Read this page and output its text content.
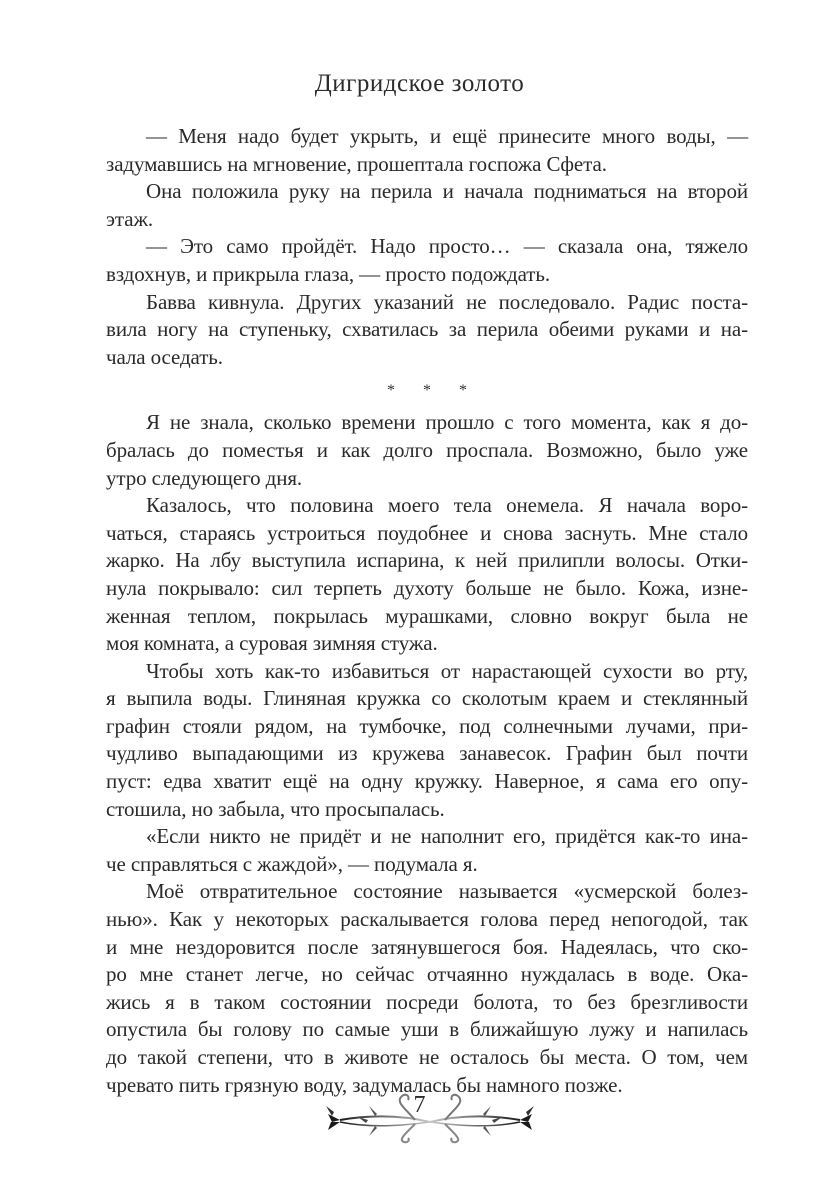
Дигридское золото

— Меня надо будет укрыть, и ещё принесите много воды, —
задумавшись на мгновение, прошептала госпожа Сфета.

Она положила руку на перила и начала подниматься на второй
этаж.

— Это само пройдёт. Надо просто… — сказала она, тяжело
вздохнув, и прикрыла глаза, — просто подождать.

Бавва кивнула. Других указаний не последовало. Радис поста-
вила ногу на ступеньку, схватилась за перила обеими руками и на-
чала оседать.

* * *

Я не знала, сколько времени прошло с того момента, как я до-
бралась до поместья и как долго проспала. Возможно, было уже
утро следующего дня.

Казалось, что половина моего тела онемела. Я начала воро-
чаться, стараясь устроиться поудобнее и снова заснуть. Мне стало
жарко. На лбу выступила испарина, к ней прилипли волосы. Отки-
нула покрывало: сил терпеть духоту больше не было. Кожа, изне-
женная теплом, покрылась мурашками, словно вокруг была не
моя комната, а суровая зимняя стужа.

Чтобы хоть как-то избавиться от нарастающей сухости во рту,
я выпила воды. Глиняная кружка со сколотым краем и стеклянный
графин стояли рядом, на тумбочке, под солнечными лучами, при-
чудливо выпадающими из кружева занавесок. Графин был почти
пуст: едва хватит ещё на одну кружку. Наверное, я сама его опу-
стошила, но забыла, что просыпалась.

«Если никто не придёт и не наполнит его, придётся как-то ина-
че справляться с жаждой», — подумала я.

Моё отвратительное состояние называется «усмерской болез-
нью». Как у некоторых раскалывается голова перед непогодой, так
и мне нездоровится после затянувшегося боя. Надеялась, что ско-
ро мне станет легче, но сейчас отчаянно нуждалась в воде. Ока-
жись я в таком состоянии посреди болота, то без брезгливости
опустила бы голову по самые уши в ближайшую лужу и напилась
до такой степени, что в животе не осталось бы места. О том, чем
чревато пить грязную воду, задумалась бы намного позже.

7
